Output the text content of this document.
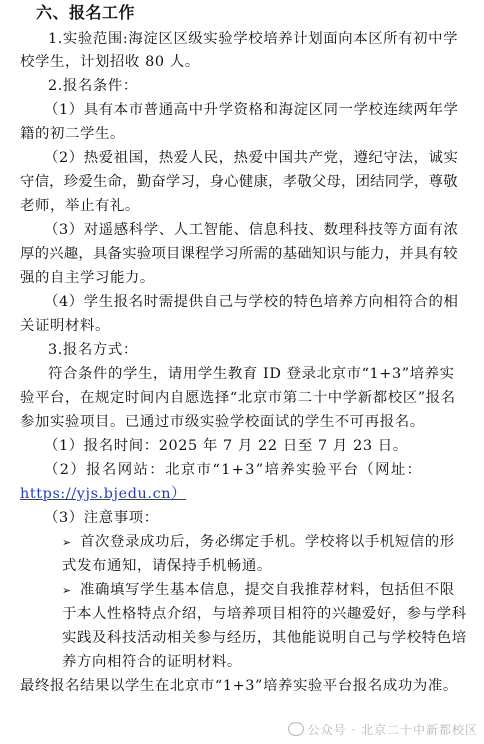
六、报名工作
1.实验范围:海淀区区级实验学校培养计划面向本区所有初中学
校学生，计划招收 80 人。
2.报名条件：
（1）具有本市普通高中升学资格和海淀区同一学校连续两年学
籍的初二学生。
（2）热爱祖国，热爱人民，热爱中国共产党，遵纪守法，诚实
守信，珍爱生命，勤奋学习，身心健康，孝敬父母，团结同学，尊敬
老师，举止有礼。
（3）对遥感科学、人工智能、信息科技、数理科技等方面有浓
厚的兴趣，具备实验项目课程学习所需的基础知识与能力，并具有较
强的自主学习能力。
（4）学生报名时需提供自己与学校的特色培养方向相符合的相
关证明材料。
3.报名方式：
符合条件的学生，请用学生教育 ID 登录北京市“1+3”培养实
验平台，在规定时间内自愿选择“北京市第二十中学新都校区”报名
参加实验项目。已通过市级实验学校面试的学生不可再报名。
（1）报名时间：2025 年 7 月 22 日至 7 月 23 日。
（2）报名网站：北京市“1+3”培养实验平台（网址：
https://yjs.bjedu.cn）
（3）注意事项：
➢ 首次登录成功后，务必绑定手机。学校将以手机短信的形
式发布通知，请保持手机畅通。
➢ 准确填写学生基本信息，提交自我推荐材料，包括但不限
于本人性格特点介绍，与培养项目相符的兴趣爱好，参与学科
实践及科技活动相关参与经历，其他能说明自己与学校特色培
养方向相符合的证明材料。
最终报名结果以学生在北京市“1+3”培养实验平台报名成功为准。
公众号 · 北京二十中新都校区
